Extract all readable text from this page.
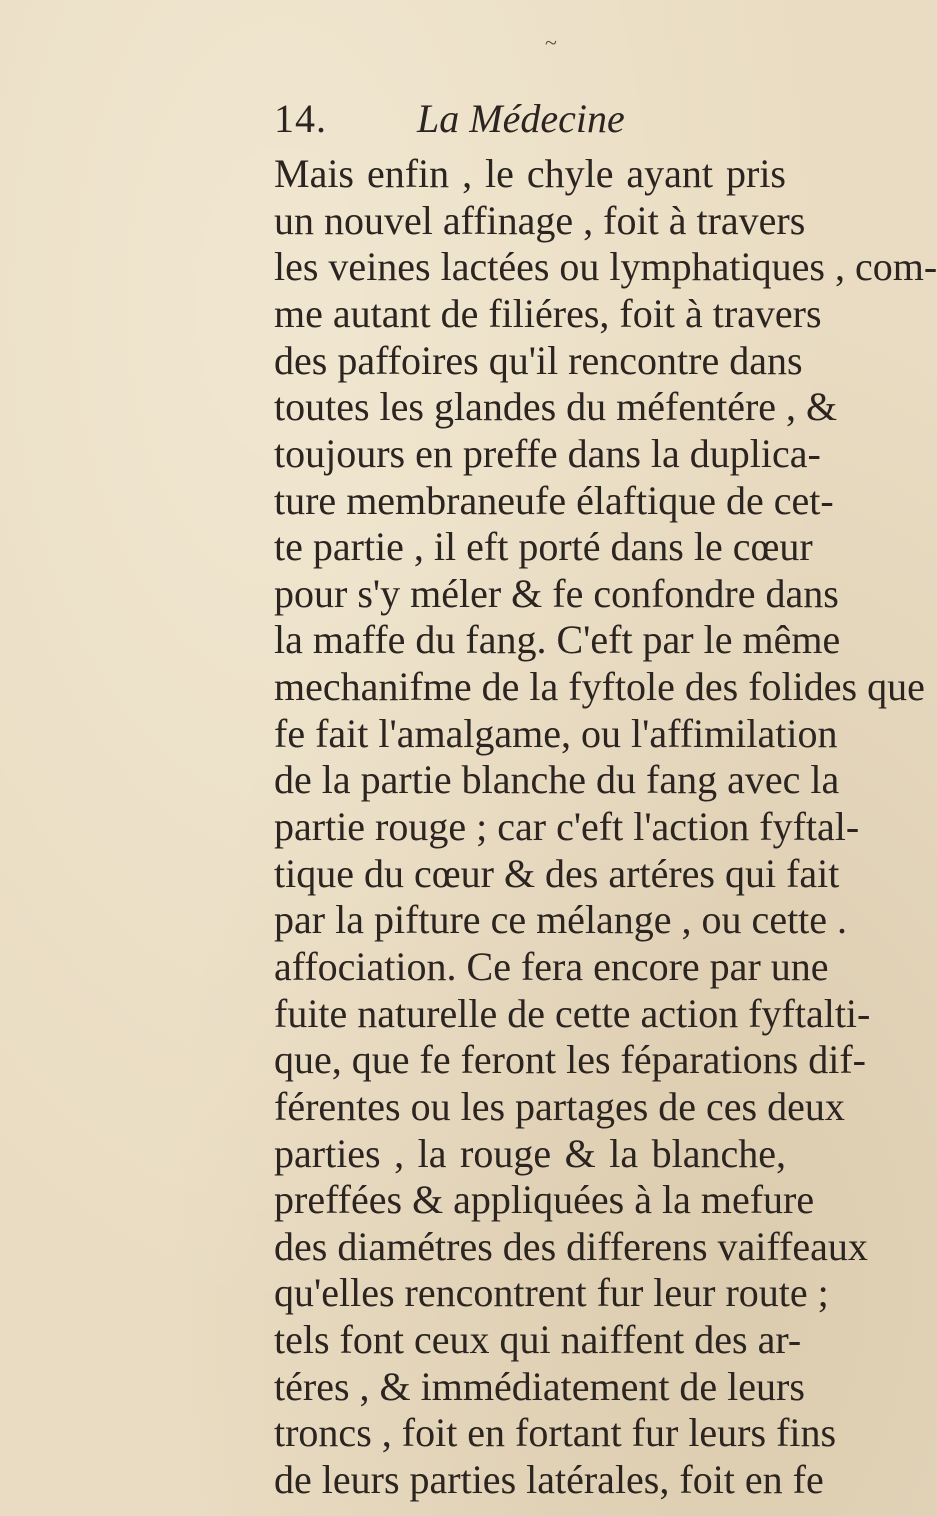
~
14. La Médecine
Mais enfin , le chyle ayant pris
un nouvel affinage , foit à travers
les veines lactées ou lymphatiques , com-
me autant de filiéres, foit à travers
des paffoires qu'il rencontre dans
toutes les glandes du méfentére , &
toujours en preffe dans la duplica-
ture membraneufe élaftique de cet-
te partie , il eft porté dans le cœur
pour s'y méler & fe confondre dans
la maffe du fang. C'eft par le même
mechanifme de la fyftole des folides que
fe fait l'amalgame, ou l'affimilation
de la partie blanche du fang avec la
partie rouge ; car c'eft l'action fyftal-
tique du cœur & des artéres qui fait
par la pifture ce mélange , ou cette .
affociation. Ce fera encore par une
fuite naturelle de cette action fyftalti-
que, que fe feront les féparations dif-
férentes ou les partages de ces deux
parties , la rouge & la blanche,
preffées & appliquées à la mefure
des diamétres des differens vaiffeaux
qu'elles rencontrent fur leur route ;
tels font ceux qui naiffent des ar-
téres , & immédiatement de leurs
troncs , foit en fortant fur leurs fins
de leurs parties latérales, foit en fe
